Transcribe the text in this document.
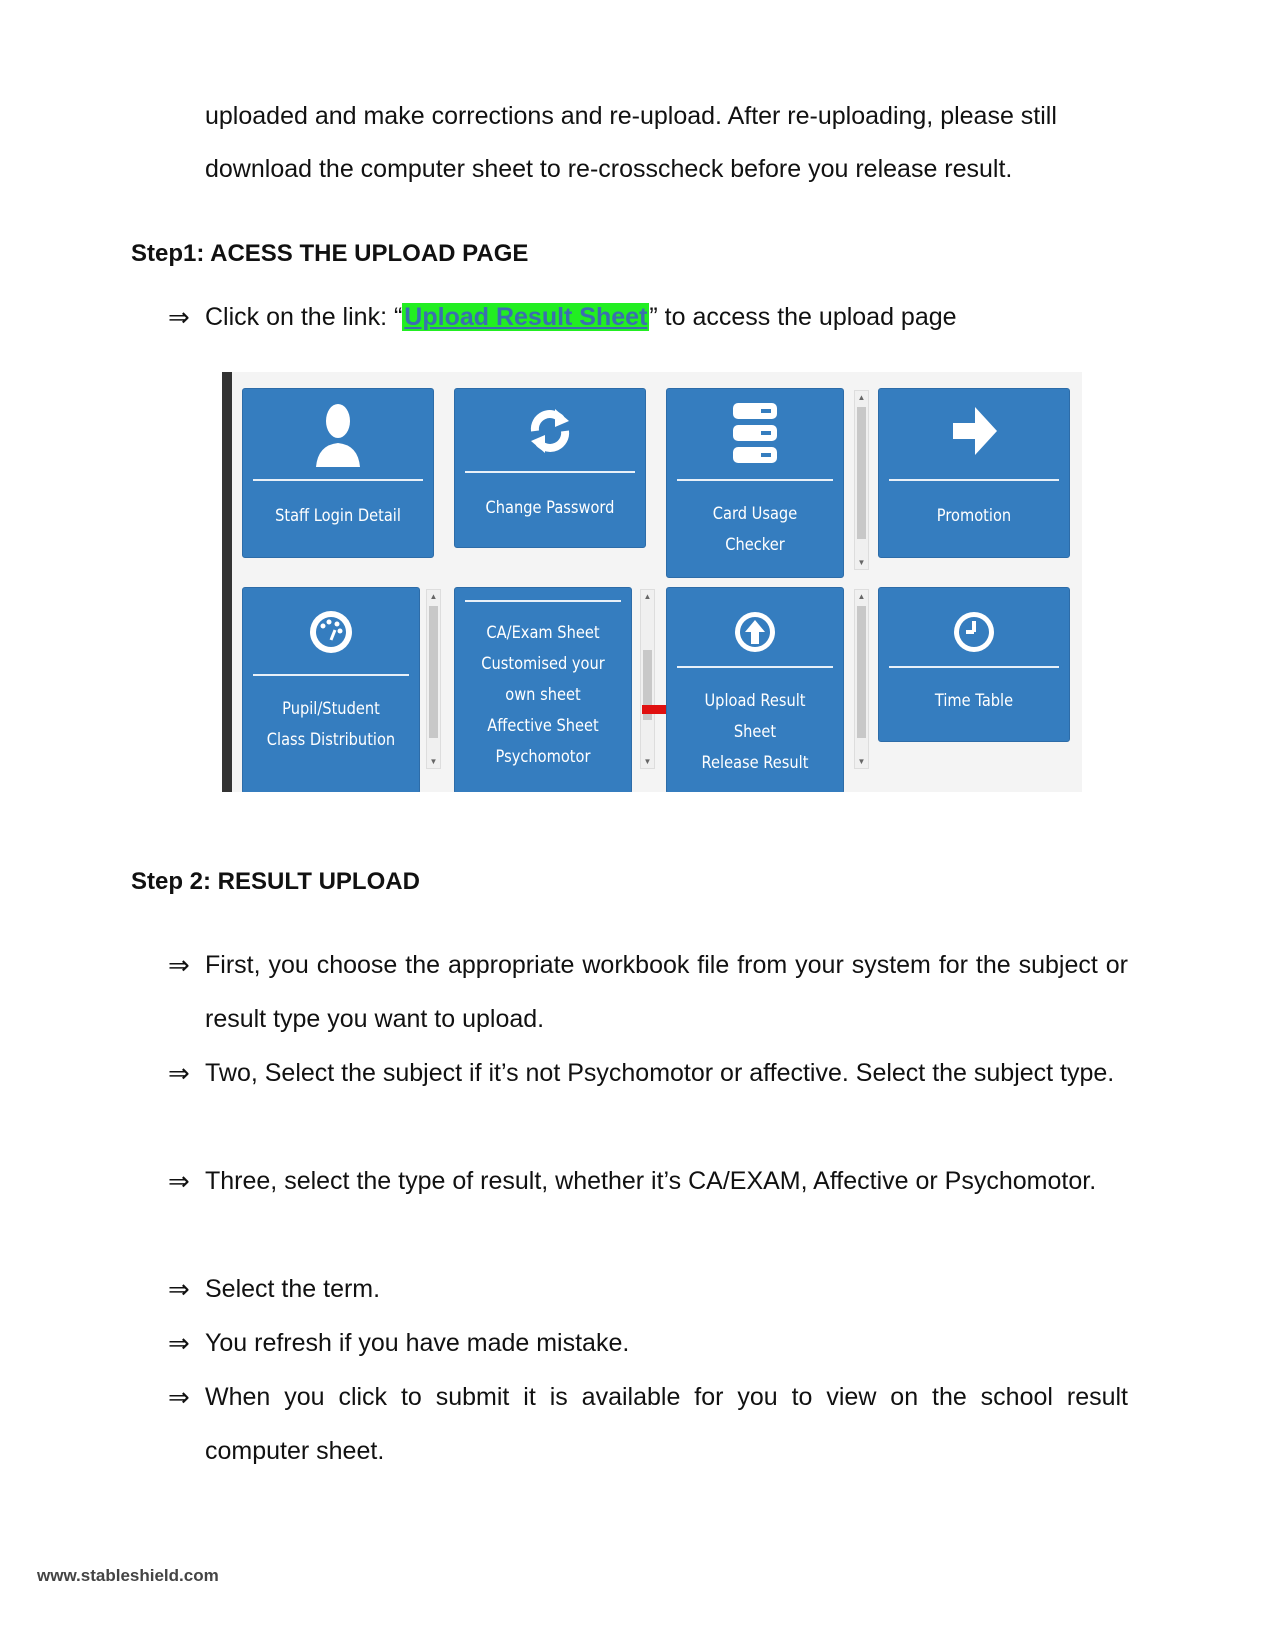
uploaded and make corrections and re-upload. After re-uploading, please still
download the computer sheet to re-crosscheck before you release result.

Step1: ACESS THE UPLOAD PAGE
⇒ Click on the link: “Upload Result Sheet” to access the upload page
Staff Login Detail	Change Password	Card Usage
Checker
▲
▼
Promotion
Pupil/Student
Class Distribution
▲
▼
CA/Exam Sheet
Customised your
own sheet
Affective Sheet
Psychomotor
▲
▼
Upload Result
Sheet
Release Result
▲
▼
Time Table
Step 2: RESULT UPLOAD
⇒ First, you choose the appropriate workbook file from your system for the subject or result type you want to upload.
⇒ Two, Select the subject if it’s not Psychomotor or affective. Select the subject type.
⇒ Three, select the type of result, whether it’s CA/EXAM, Affective or Psychomotor.
⇒ Select the term.
⇒ You refresh if you have made mistake.
⇒ When you click to submit it is available for you to view on the school result computer sheet.
www.stableshield.com
